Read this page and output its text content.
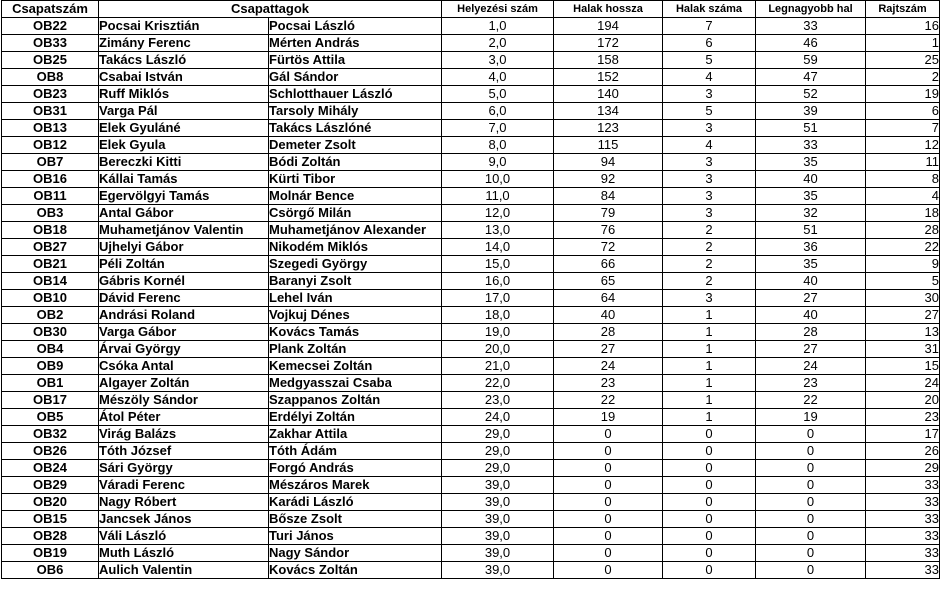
Csapatszám	Csapattagok		Helyezési szám	Halak hossza	Halak száma	Legnagyobb hal	Rajtszám
OB22	Pocsai Krisztián	Pocsai László	1,0	194	7	33	16
OB33	Zimány Ferenc	Mérten András	2,0	172	6	46	1
OB25	Takács László	Fürtös Attila	3,0	158	5	59	25
OB8	Csabai István	Gál Sándor	4,0	152	4	47	2
OB23	Ruff Miklós	Schlotthauer László	5,0	140	3	52	19
OB31	Varga Pál	Tarsoly Mihály	6,0	134	5	39	6
OB13	Elek Gyuláné	Takács Lászlóné	7,0	123	3	51	7
OB12	Elek Gyula	Demeter Zsolt	8,0	115	4	33	12
OB7	Bereczki Kitti	Bódi Zoltán	9,0	94	3	35	11
OB16	Kállai Tamás	Kürti Tibor	10,0	92	3	40	8
OB11	Egervölgyi Tamás	Molnár Bence	11,0	84	3	35	4
OB3	Antal Gábor	Csörgő Milán	12,0	79	3	32	18
OB18	Muhametjánov Valentin	Muhametjánov Alexander	13,0	76	2	51	28
OB27	Ujhelyi Gábor	Nikodém Miklós	14,0	72	2	36	22
OB21	Péli Zoltán	Szegedi György	15,0	66	2	35	9
OB14	Gábris Kornél	Baranyi Zsolt	16,0	65	2	40	5
OB10	Dávid Ferenc	Lehel Iván	17,0	64	3	27	30
OB2	Andrási Roland	Vojkuj Dénes	18,0	40	1	40	27
OB30	Varga Gábor	Kovács Tamás	19,0	28	1	28	13
OB4	Árvai György	Plank Zoltán	20,0	27	1	27	31
OB9	Csóka Antal	Kemecsei Zoltán	21,0	24	1	24	15
OB1	Algayer Zoltán	Medgyasszai Csaba	22,0	23	1	23	24
OB17	Mészöly Sándor	Szappanos Zoltán	23,0	22	1	22	20
OB5	Átol Péter	Erdélyi Zoltán	24,0	19	1	19	23
OB32	Virág Balázs	Zakhar Attila	29,0	0	0	0	17
OB26	Tóth József	Tóth Ádám	29,0	0	0	0	26
OB24	Sári György	Forgó András	29,0	0	0	0	29
OB29	Váradi Ferenc	Mészáros Marek	39,0	0	0	0	33
OB20	Nagy Róbert	Karádi László	39,0	0	0	0	33
OB15	Jancsek János	Bősze Zsolt	39,0	0	0	0	33
OB28	Váli László	Turi János	39,0	0	0	0	33
OB19	Muth László	Nagy Sándor	39,0	0	0	0	33
OB6	Aulich Valentin	Kovács Zoltán	39,0	0	0	0	33
